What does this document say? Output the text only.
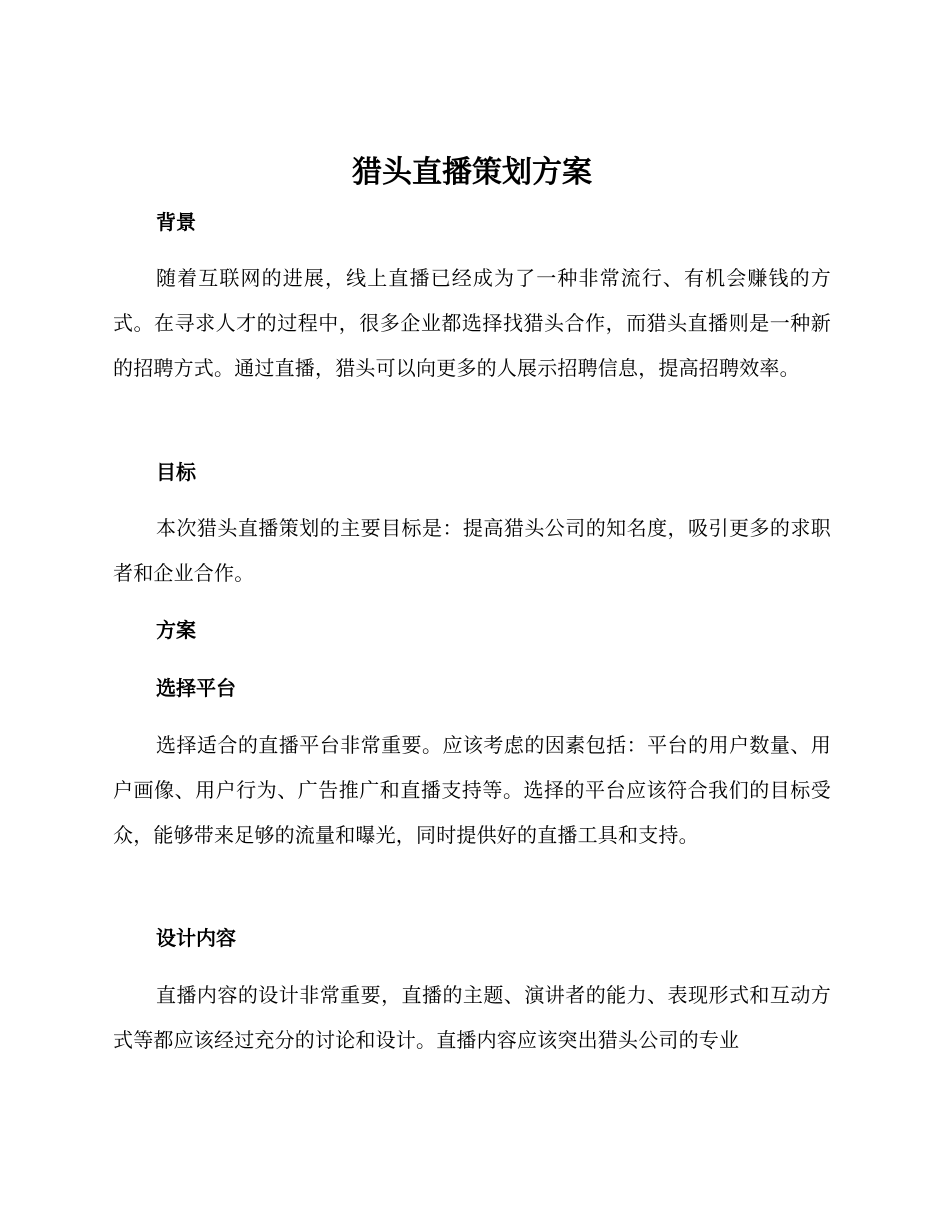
猎头直播策划方案
背景
随着互联网的进展，线上直播已经成为了一种非常流行、有机会赚钱的方式。在寻求人才的过程中，很多企业都选择找猎头合作，而猎头直播则是一种新的招聘方式。通过直播，猎头可以向更多的人展示招聘信息，提高招聘效率。
目标
本次猎头直播策划的主要目标是：提高猎头公司的知名度，吸引更多的求职者和企业合作。
方案
选择平台
选择适合的直播平台非常重要。应该考虑的因素包括：平台的用户数量、用户画像、用户行为、广告推广和直播支持等。选择的平台应该符合我们的目标受众，能够带来足够的流量和曝光，同时提供好的直播工具和支持。
设计内容
直播内容的设计非常重要，直播的主题、演讲者的能力、表现形式和互动方式等都应该经过充分的讨论和设计。直播内容应该突出猎头公司的专业
